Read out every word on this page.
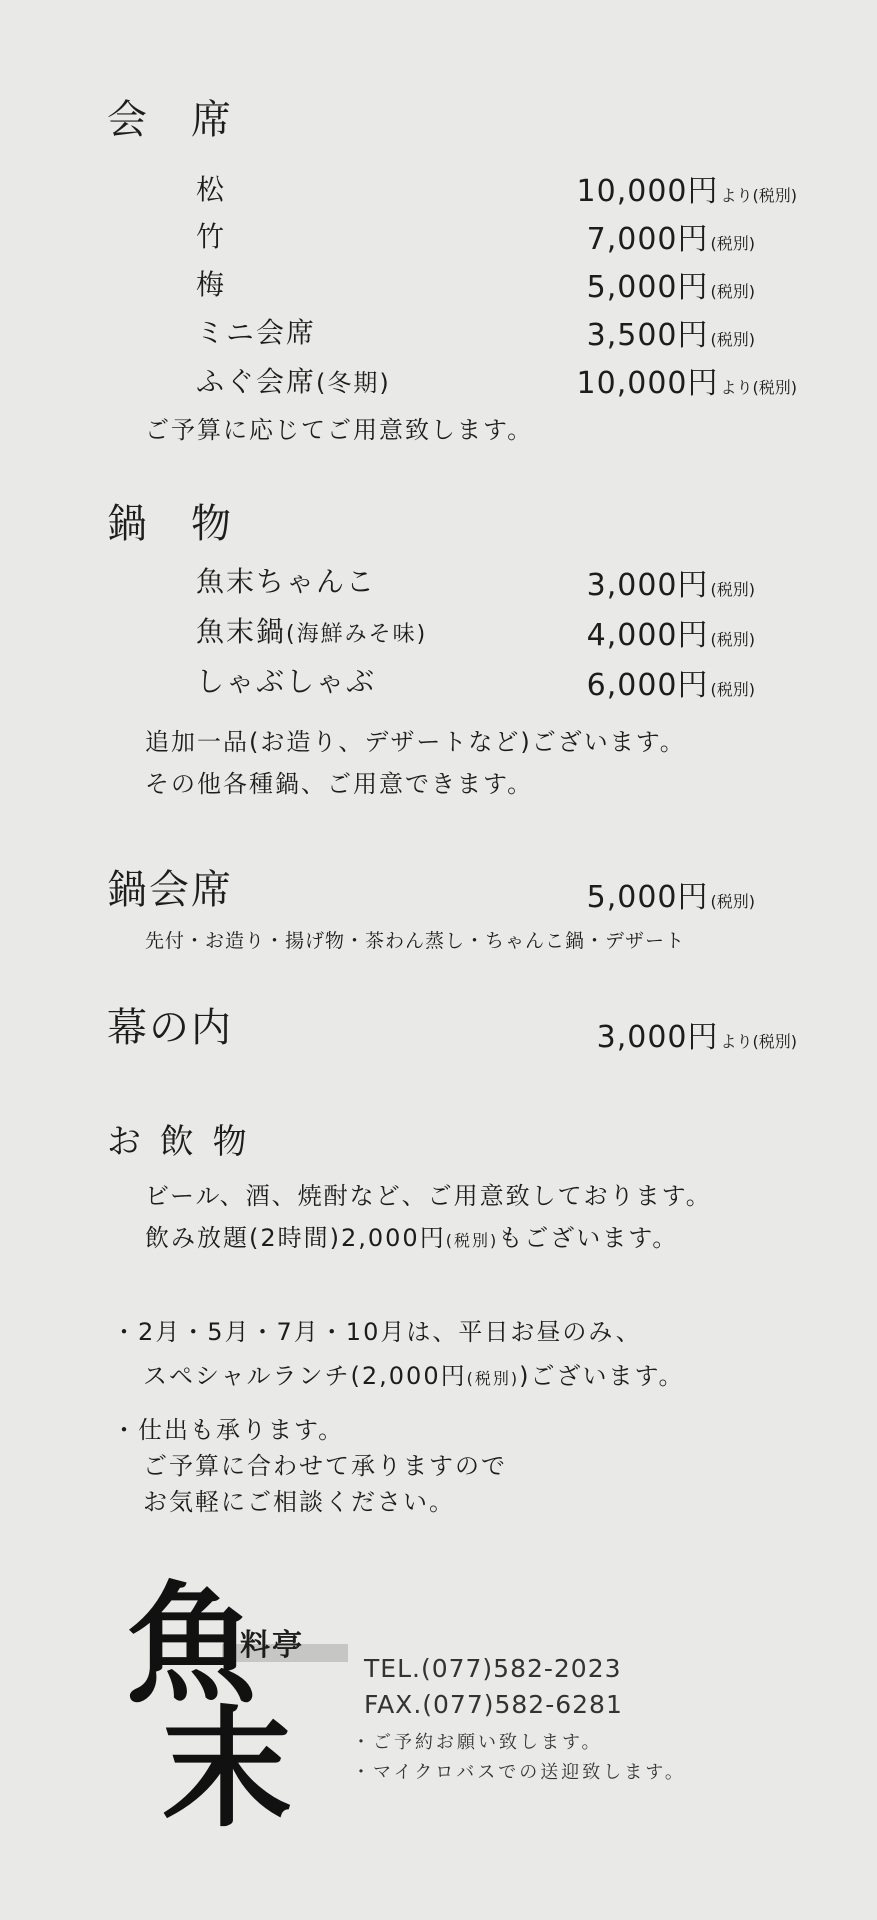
会　席
松	10,000円 より(税別)
竹	7,000円 (税別)
梅	5,000円 (税別)
ミニ会席	3,500円 (税別)
ふぐ会席(冬期)	10,000円 より(税別)
ご予算に応じてご用意致します。
鍋　物
魚末ちゃんこ	3,000円 (税別)
魚末鍋(海鮮みそ味)	4,000円 (税別)
しゃぶしゃぶ	6,000円 (税別)
追加一品(お造り、デザートなど)ございます。
その他各種鍋、ご用意できます。
鍋会席	5,000円 (税別)
先付・お造り・揚げ物・茶わん蒸し・ちゃんこ鍋・デザート
幕の内	3,000円 より(税別)
お 飲 物
ビール、酒、焼酎など、ご用意致しております。
飲み放題(2時間)2,000円(税別)もございます。
・2月・5月・7月・10月は、平日お昼のみ、
スペシャルランチ(2,000円(税別))ございます。
・仕出も承ります。
ご予算に合わせて承りますので
お気軽にご相談ください。
魚
末
料亭
TEL.(077)582-2023
FAX.(077)582-6281
・ご予約お願い致します。
・マイクロバスでの送迎致します。
